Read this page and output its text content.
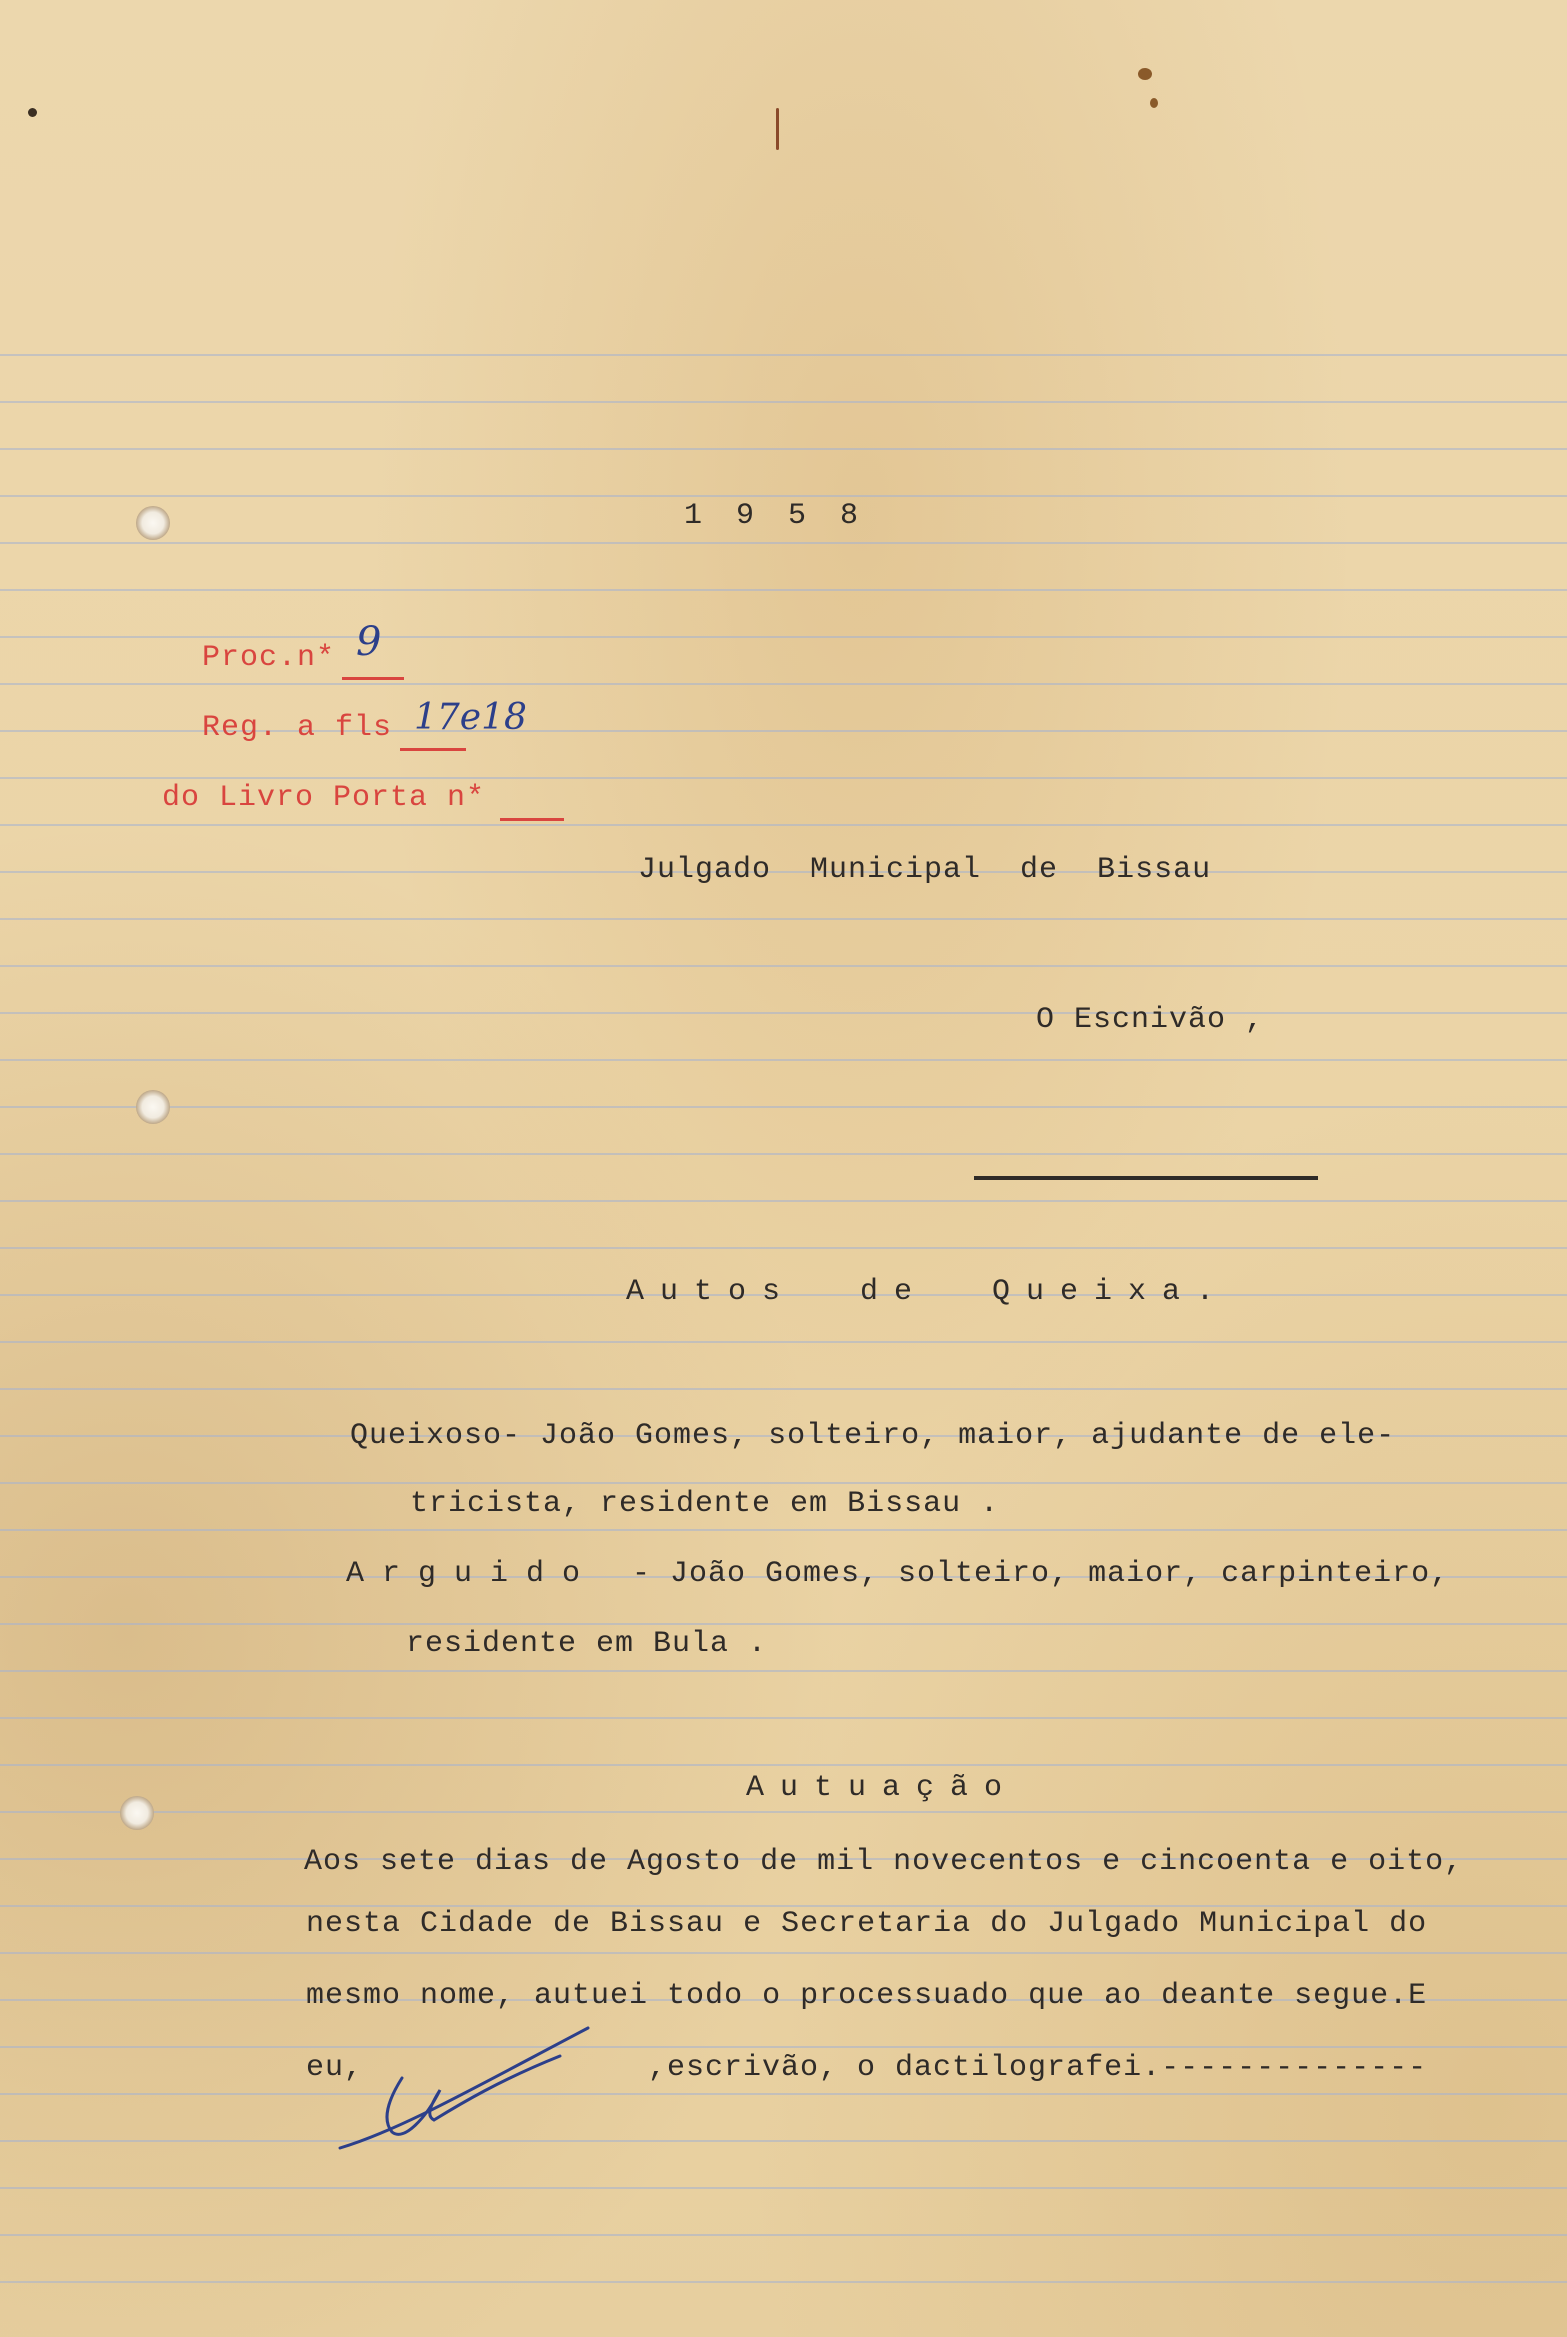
1 9 5 8
Proc.n* 9
Reg. a fls 17e18
do Livro Porta n*
Julgado Municipal de Bissau
O Escnivão ,
Autos de Queixa.
Queixoso- João Gomes, solteiro, maior, ajudante de ele-
tricista, residente em Bissau .
Arguido - João Gomes, solteiro, maior, carpinteiro,
residente em Bula .
Autuação
Aos sete dias de Agosto de mil novecentos e cincoenta e oito,
nesta Cidade de Bissau e Secretaria do Julgado Municipal do
mesmo nome, autuei todo o processuado que ao deante segue.E
eu,	,escrivão, o dactilografei.--------------
